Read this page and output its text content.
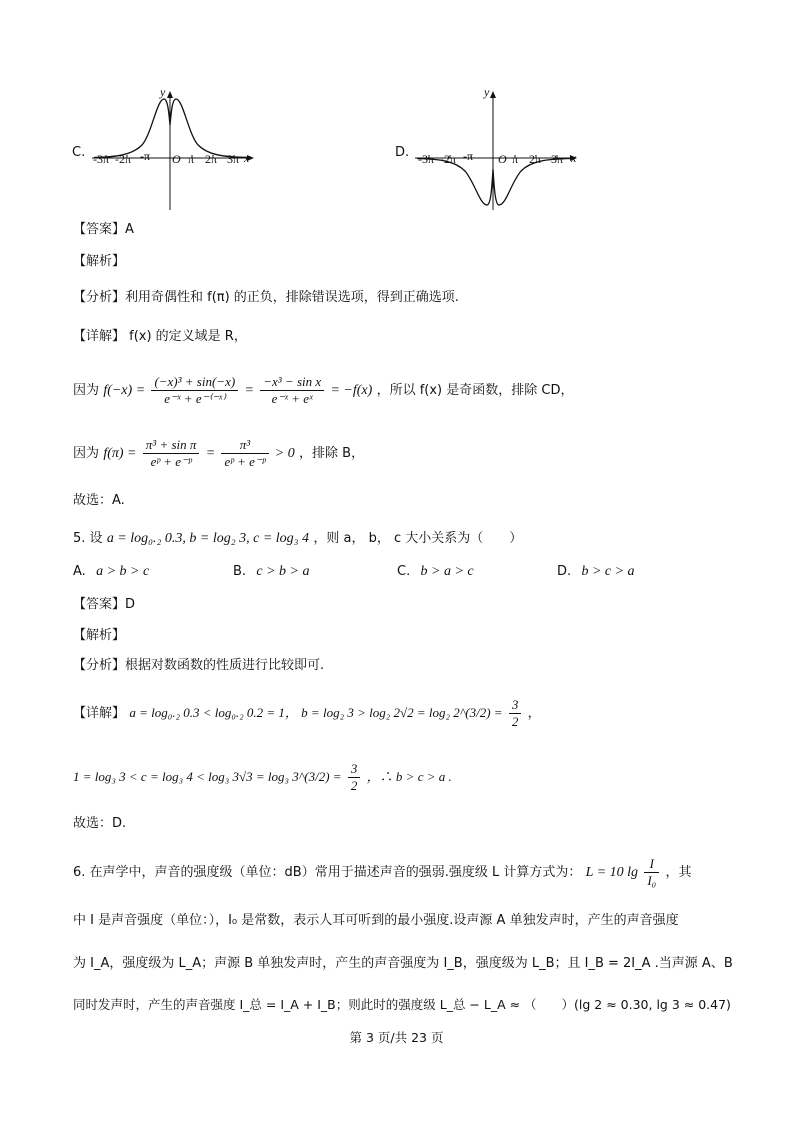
C.
y
x
O
-3π -2π -π	π 2π 3π	D.
y
x
O
-3π -2π -π	π 2π 3π
【答案】A
【解析】
【分析】利用奇偶性和 f(π) 的正负，排除错误选项，得到正确选项.
【详解】 f(x) 的定义域是 R，
因为 $f(-x) = \frac{\text{(−x)³ + sin(−x)}}{\text{e⁻ˣ + e⁻⁽⁻ˣ⁾}} = \frac{\text{−x³ − sin x}}{\text{e⁻ˣ + eˣ}} = -f(x)$ ，所以 f(x) 是奇函数，排除 CD，
因为 $f(\pi) = \frac{\text{π³ + sin π}}{\text{eᵖ + e⁻ᵖ}} = \frac{\text{π³}}{\text{eᵖ + e⁻ᵖ}} > 0$ ，排除 B，
故选：A.
5. 设 a = log₀.₂ 0.3, b = log₂ 3, c = log₃ 4 ，则 a， b， c 大小关系为（　　）
A. a > b > c	B. c > b > a	C. b > a > c	D. b > c > a
【答案】D
【解析】
【分析】根据对数函数的性质进行比较即可.
【详解】 a = log₀.₂ 0.3 < log₀.₂ 0.2 = 1， b = log₂ 3 > log₂ 2√2 = log₂ 2^(3/2) = $\frac{3}{2}$ ，
1 = log₃ 3 < c = log₃ 4 < log₃ 3√3 = log₃ 3^(3/2) = $\frac{3}{2}$ ，∴ b > c > a .
故选：D.
6. 在声学中，声音的强度级（单位：dB）常用于描述声音的强弱.强度级 L 计算方式为： L = 10 $\lg \frac{I}{\text{I₀}}$ ，其
中 I 是声音强度（单位：），I₀ 是常数，表示人耳可听到的最小强度.设声源 A 单独发声时，产生的声音强度
为 I_A，强度级为 L_A；声源 B 单独发声时，产生的声音强度为 I_B，强度级为 L_B；且 I_B = 2I_A .当声源 A、B
同时发声时，产生的声音强度 I_总 = I_A + I_B；则此时的强度级 L_总 − L_A ≈ （　　）(lg 2 ≈ 0.30, lg 3 ≈ 0.47)
第 3 页/共 23 页
